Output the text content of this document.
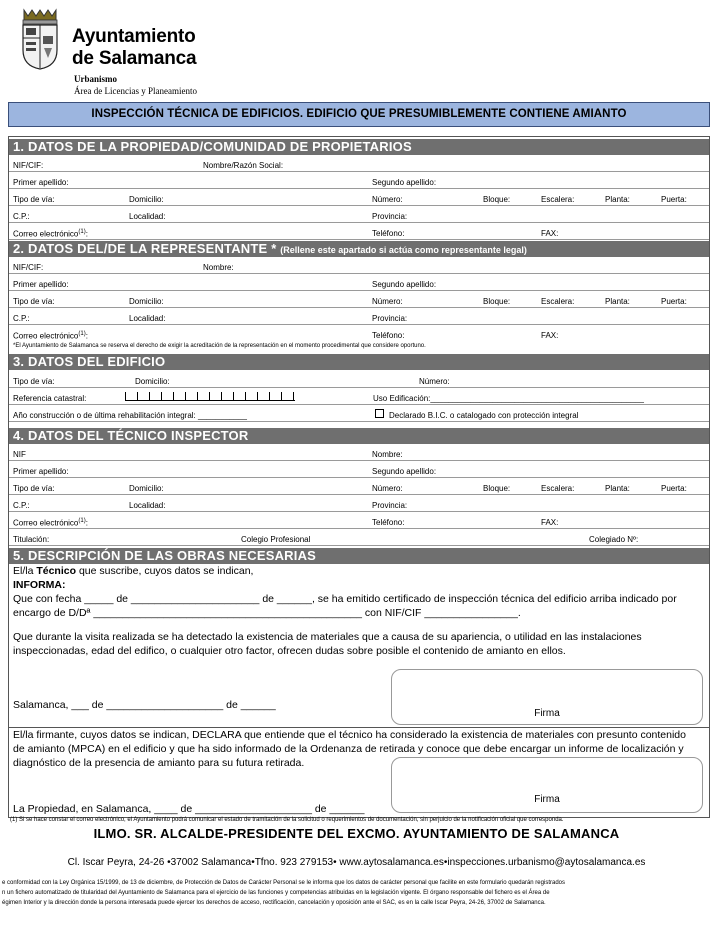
Ayuntamiento
de Salamanca
Urbanismo
Área de Licencias y Planeamiento
INSPECCIÓN TÉCNICA DE EDIFICIOS. EDIFICIO QUE PRESUMIBLEMENTE CONTIENE AMIANTO
1. DATOS DE LA PROPIEDAD/COMUNIDAD DE PROPIETARIOS
NIF/CIF:	Nombre/Razón Social:
Primer apellido:	Segundo apellido:
Tipo de vía:	Domicilio:	Número:	Bloque:	Escalera:	Planta:	Puerta:
C.P.:	Localidad:	Provincia:
Correo electrónico$^{(1)}$:	Teléfono:	FAX:
2. DATOS DEL/DE LA REPRESENTANTE * (Rellene este apartado si actúa como representante legal)
NIF/CIF:	Nombre:
Primer apellido:	Segundo apellido:
Tipo de vía:	Domicilio:	Número:	Bloque:	Escalera:	Planta:	Puerta:
C.P.:	Localidad:	Provincia:
Correo electrónico$^{(1)}$:	Teléfono:	FAX:
*El Ayuntamiento de Salamanca se reserva el derecho de exigir la acreditación de la representación en el momento procedimental que considere oportuno.
3. DATOS DEL EDIFICIO
Tipo de vía:	Domicilio:	Número:
Referencia catastral:	Uso Edificación:________________________________________________
Año construcción o de última rehabilitación integral: ___________	Declarado B.I.C. o catalogado con protección integral
4. DATOS DEL TÉCNICO INSPECTOR
NIF	Nombre:
Primer apellido:	Segundo apellido:
Tipo de vía:	Domicilio:	Número:	Bloque:	Escalera:	Planta:	Puerta:
C.P.:	Localidad:	Provincia:
Correo electrónico$^{(1)}$:	Teléfono:	FAX:
Titulación:	Colegio Profesional	Colegiado Nº:
5. DESCRIPCIÓN DE LAS OBRAS NECESARIAS
El/la Técnico que suscribe, cuyos datos se indican,
INFORMA:
Que con fecha _____ de ______________________ de ______, se ha emitido certificado de inspección técnica del edificio arriba indicado por
encargo de D/Dª ______________________________________________ con NIF/CIF ________________.
Que durante la visita realizada se ha detectado la existencia de materiales que a causa de su apariencia, o utilidad en las instalaciones
inspeccionadas, edad del edifico, o cualquier otro factor, ofrecen dudas sobre posible el contenido de amianto en ellos.
Salamanca, ___ de ____________________ de ______
Firma
El/la firmante, cuyos datos se indican, DECLARA que entiende que el técnico ha considerado la existencia de materiales con presunto contenido
de amianto (MPCA) en el edificio y que ha sido informado de la Ordenanza de retirada y conoce que debe encargar un informe de localización y
diagnóstico de la presencia de amianto para su futura retirada.
Firma
La Propiedad, en Salamanca, ____ de ____________________ de ______
(1) Si se hace constar el correo electrónico, el Ayuntamiento podrá comunicar el estado de tramitación de la solicitud o requerimientos de documentación, sin perjuicio de la notificación oficial que corresponda.
ILMO. SR. ALCALDE-PRESIDENTE DEL EXCMO. AYUNTAMIENTO DE SALAMANCA
Cl. Iscar Peyra, 24-26 •37002 Salamanca•Tfno. 923 279153• www.aytosalamanca.es•inspecciones.urbanismo@aytosalamanca.es
e conformidad con la Ley Orgánica 15/1999, de 13 de diciembre, de Protección de Datos de Carácter Personal se le informa que los datos de carácter personal que facilite en este formulario quedarán registrados
n un fichero automatizado de titularidad del Ayuntamiento de Salamanca para el ejercicio de las funciones y competencias atribuidas en la legislación vigente. El órgano responsable del fichero es el Área de
égimen Interior y la dirección donde la persona interesada puede ejercer los derechos de acceso, rectificación, cancelación y oposición ante el SAC, es en la calle Iscar Peyra, 24-26, 37002 de Salamanca.
